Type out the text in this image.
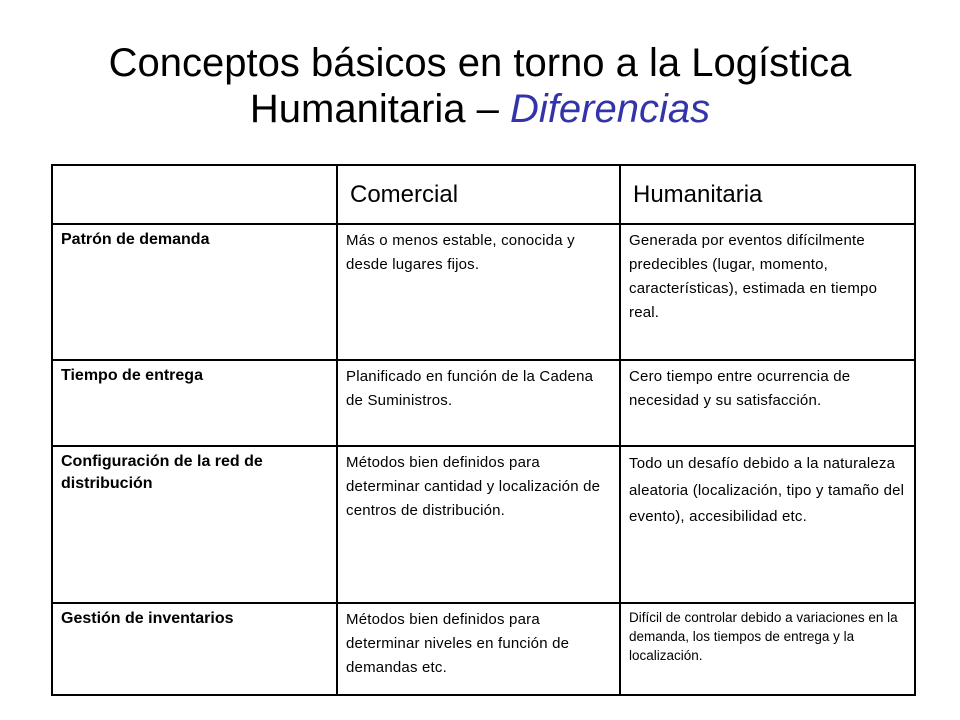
Conceptos básicos en torno a la Logística
Humanitaria – Diferencias
	Comercial	Humanitaria
Patrón de demanda	Más o menos estable, conocida y desde lugares fijos.	Generada por eventos difícilmente predecibles (lugar, momento, características), estimada en tiempo real.
Tiempo de entrega	Planificado en función de la Cadena de Suministros.	Cero tiempo entre ocurrencia de necesidad y su satisfacción.
Configuración de la red de distribución	Métodos bien definidos para determinar cantidad y localización de centros de distribución.	Todo un desafío debido a la naturaleza aleatoria (localización, tipo y tamaño del evento), accesibilidad etc.
Gestión de inventarios	Métodos bien definidos para determinar niveles en función de demandas etc.	Difícil de controlar debido a variaciones en la demanda, los tiempos de entrega y la localización.
